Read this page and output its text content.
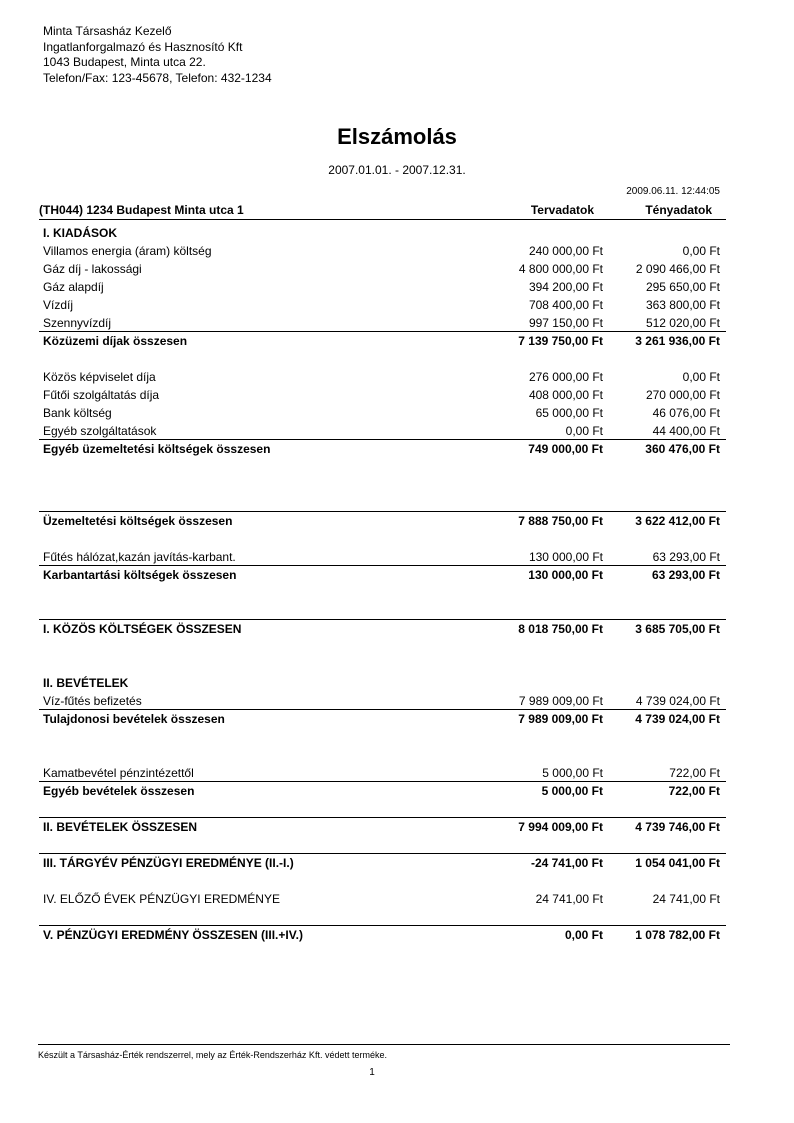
Minta Társasház Kezelő
Ingatlanforgalmazó és Hasznosító Kft
1043 Budapest, Minta utca 22.
Telefon/Fax: 123-45678, Telefon: 432-1234
Elszámolás
2007.01.01. - 2007.12.31.
2009.06.11. 12:44:05
(TH044) 1234 Budapest Minta utca 1	Tervadatok	Tényadatok
I. KIADÁSOK
Villamos energia (áram) költség	240 000,00 Ft	0,00 Ft
Gáz díj - lakossági	4 800 000,00 Ft	2 090 466,00 Ft
Gáz alapdíj	394 200,00 Ft	295 650,00 Ft
Vízdíj	708 400,00 Ft	363 800,00 Ft
Szennyvízdíj	997 150,00 Ft	512 020,00 Ft
Közüzemi díjak összesen	7 139 750,00 Ft	3 261 936,00 Ft
Közös képviselet díja	276 000,00 Ft	0,00 Ft
Fűtői szolgáltatás díja	408 000,00 Ft	270 000,00 Ft
Bank költség	65 000,00 Ft	46 076,00 Ft
Egyéb szolgáltatások	0,00 Ft	44 400,00 Ft
Egyéb üzemeltetési költségek összesen	749 000,00 Ft	360 476,00 Ft
Üzemeltetési költségek összesen	7 888 750,00 Ft	3 622 412,00 Ft
Fűtés hálózat,kazán javítás-karbant.	130 000,00 Ft	63 293,00 Ft
Karbantartási költségek összesen	130 000,00 Ft	63 293,00 Ft
I. KÖZÖS KÖLTSÉGEK ÖSSZESEN	8 018 750,00 Ft	3 685 705,00 Ft
II. BEVÉTELEK
Víz-fűtés befizetés	7 989 009,00 Ft	4 739 024,00 Ft
Tulajdonosi bevételek összesen	7 989 009,00 Ft	4 739 024,00 Ft
Kamatbevétel pénzintézettől	5 000,00 Ft	722,00 Ft
Egyéb bevételek összesen	5 000,00 Ft	722,00 Ft
II. BEVÉTELEK ÖSSZESEN	7 994 009,00 Ft	4 739 746,00 Ft
III. TÁRGYÉV PÉNZÜGYI EREDMÉNYE (II.-I.)	-24 741,00 Ft	1 054 041,00 Ft
IV. ELŐZŐ ÉVEK PÉNZÜGYI EREDMÉNYE	24 741,00 Ft	24 741,00 Ft
V. PÉNZÜGYI EREDMÉNY ÖSSZESEN (III.+IV.)	0,00 Ft	1 078 782,00 Ft
Készült a Társasház-Érték rendszerrel, mely az Érték-Rendszerház Kft. védett terméke.
1
